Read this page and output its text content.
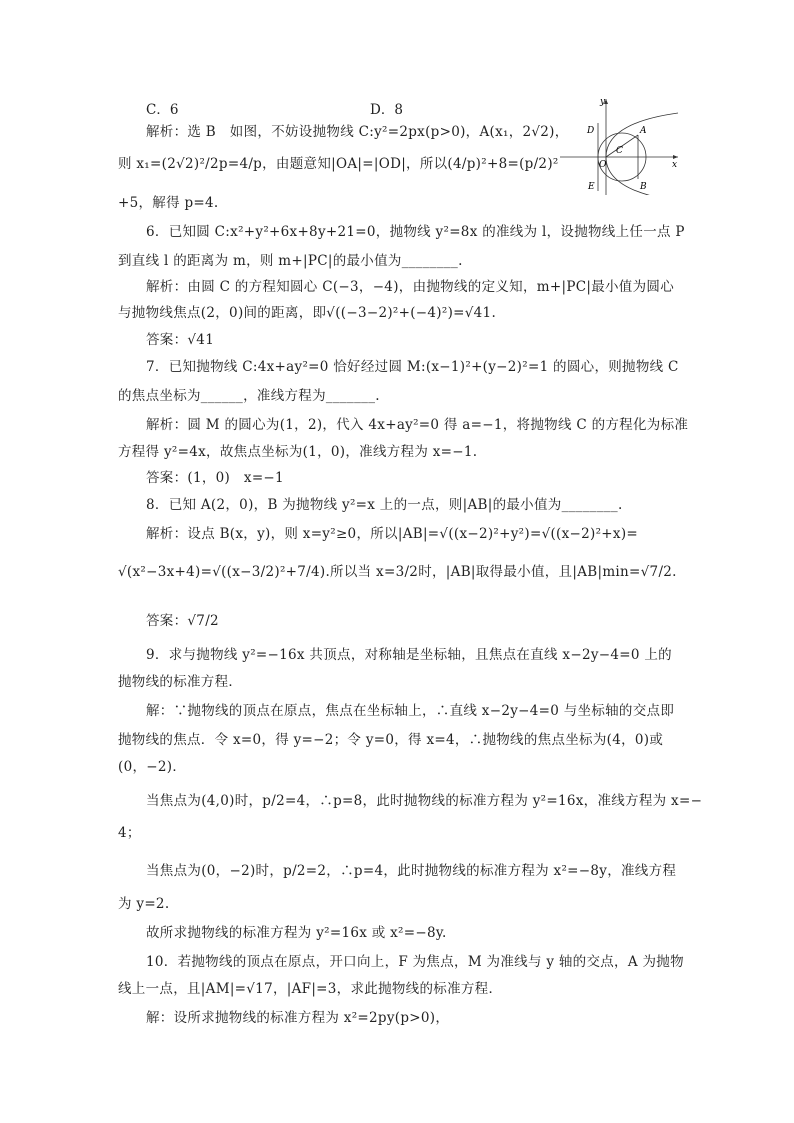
C．6	D．8
解析：选 B　如图，不妨设抛物线 C:y²=2px(p>0)，A(x₁，2√2)，
则 x₁=(2√2)²/2p=4/p，由题意知|OA|=|OD|，所以(4/p)²+8=(p/2)²
+5，解得 p=4.
6．已知圆 C:x²+y²+6x+8y+21=0，抛物线 y²=8x 的准线为 l，设抛物线上任一点 P
到直线 l 的距离为 m，则 m+|PC|的最小值为________.
解析：由圆 C 的方程知圆心 C(−3，−4)，由抛物线的定义知，m+|PC|最小值为圆心
与抛物线焦点(2，0)间的距离，即√((−3−2)²+(−4)²)=√41.
答案：√41
7．已知抛物线 C:4x+ay²=0 恰好经过圆 M:(x−1)²+(y−2)²=1 的圆心，则抛物线 C
的焦点坐标为______，准线方程为_______.
解析：圆 M 的圆心为(1，2)，代入 4x+ay²=0 得 a=−1，将抛物线 C 的方程化为标准
方程得 y²=4x，故焦点坐标为(1，0)，准线方程为 x=−1.
答案：(1，0)　x=−1
8．已知 A(2，0)，B 为抛物线 y²=x 上的一点，则|AB|的最小值为________.
解析：设点 B(x，y)，则 x=y²≥0，所以|AB|=√((x−2)²+y²)=√((x−2)²+x)=
√(x²−3x+4)=√((x−3/2)²+7/4).所以当 x=3/2时，|AB|取得最小值，且|AB|min=√7/2.
答案：√7/2
9．求与抛物线 y²=−16x 共顶点，对称轴是坐标轴，且焦点在直线 x−2y−4=0 上的
抛物线的标准方程．
解：∵抛物线的顶点在原点，焦点在坐标轴上，∴直线 x−2y−4=0 与坐标轴的交点即
抛物线的焦点．令 x=0，得 y=−2；令 y=0，得 x=4，∴抛物线的焦点坐标为(4，0)或
(0，−2)．
当焦点为(4,0)时，p/2=4，∴p=8，此时抛物线的标准方程为 y²=16x，准线方程为 x=−
4；
当焦点为(0，−2)时，p/2=2，∴p=4，此时抛物线的标准方程为 x²=−8y，准线方程
为 y=2.
故所求抛物线的标准方程为 y²=16x 或 x²=−8y.
10．若抛物线的顶点在原点，开口向上，F 为焦点，M 为准线与 y 轴的交点，A 为抛物
线上一点，且|AM|=√17，|AF|=3，求此抛物线的标准方程．
解：设所求抛物线的标准方程为 x²=2py(p>0)，
y
x
D	A
O
C
E	B
